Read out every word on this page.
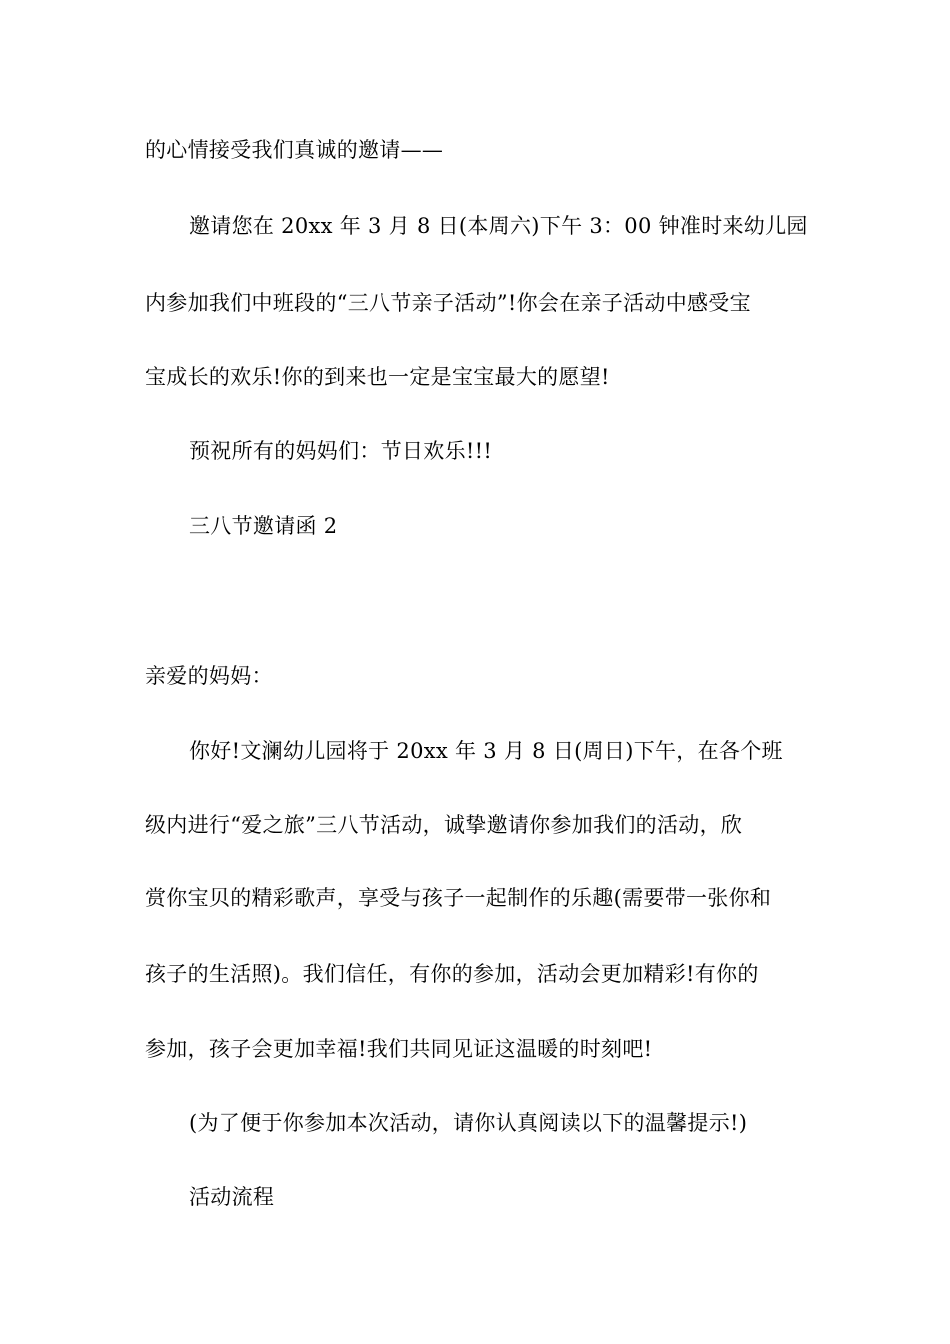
的心情接受我们真诚的邀请——
邀请您在 20xx 年 3 月 8 日(本周六)下午 3：00 钟准时来幼儿园
内参加我们中班段的“三八节亲子活动”!你会在亲子活动中感受宝
宝成长的欢乐!你的到来也一定是宝宝最大的愿望!
预祝所有的妈妈们：节日欢乐!!!
三八节邀请函 2
亲爱的妈妈：
你好!文澜幼儿园将于 20xx 年 3 月 8 日(周日)下午，在各个班
级内进行“爱之旅”三八节活动，诚挚邀请你参加我们的活动，欣
赏你宝贝的精彩歌声，享受与孩子一起制作的乐趣(需要带一张你和
孩子的生活照)。我们信任，有你的参加，活动会更加精彩!有你的
参加，孩子会更加幸福!我们共同见证这温暖的时刻吧!
(为了便于你参加本次活动，请你认真阅读以下的温馨提示!)
活动流程
